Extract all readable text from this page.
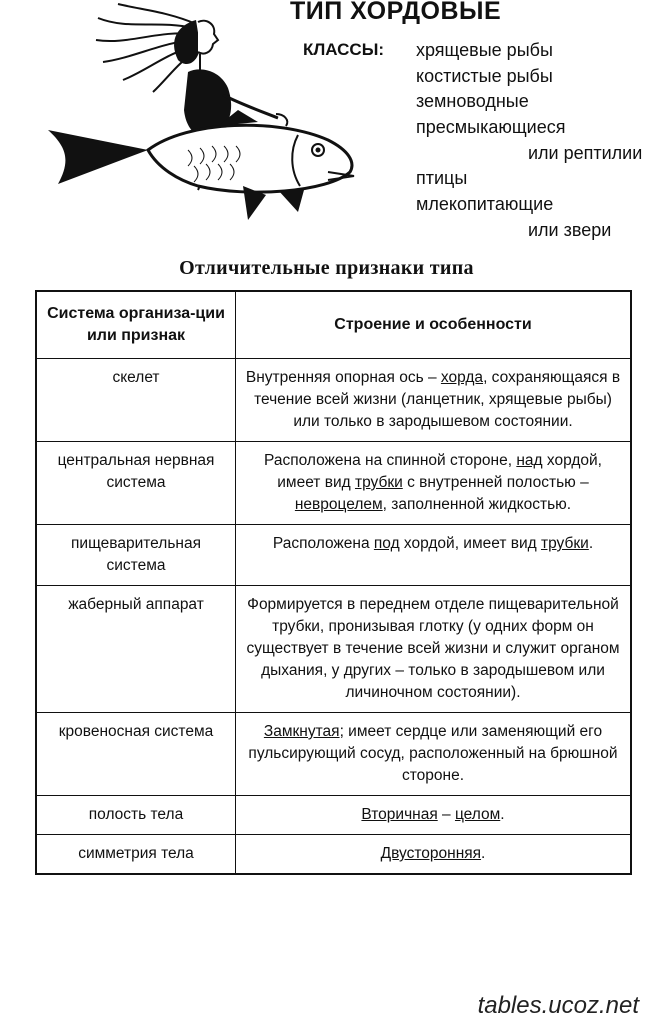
ТИП ХОРДОВЫЕ
КЛАССЫ: хрящевые рыбы
костистые рыбы
земноводные
пресмыкающиеся
или рептилии
птицы
млекопитающие
или звери
Отличительные признаки типа
Система организа-ции или признак	Строение и особенности
скелет	Внутренняя опорная ось – хорда, сохраняющаяся в течение всей жизни (ланцетник, хрящевые рыбы) или только в зародышевом состоянии.
центральная нервная система	Расположена на спинной стороне, над хордой, имеет вид трубки с внутренней полостью – невроцелем, заполненной жидкостью.
пищеварительная система	Расположена под хордой, имеет вид трубки.
жаберный аппарат	Формируется в переднем отделе пищеварительной трубки, пронизывая глотку (у одних форм он существует в течение всей жизни и служит органом дыхания, у других – только в зародышевом или личиночном состоянии).
кровеносная система	Замкнутая; имеет сердце или заменяющий его пульсирующий сосуд, расположенный на брюшной стороне.
полость тела	Вторичная – целом.
симметрия тела	Двусторонняя.
tables.ucoz.net
